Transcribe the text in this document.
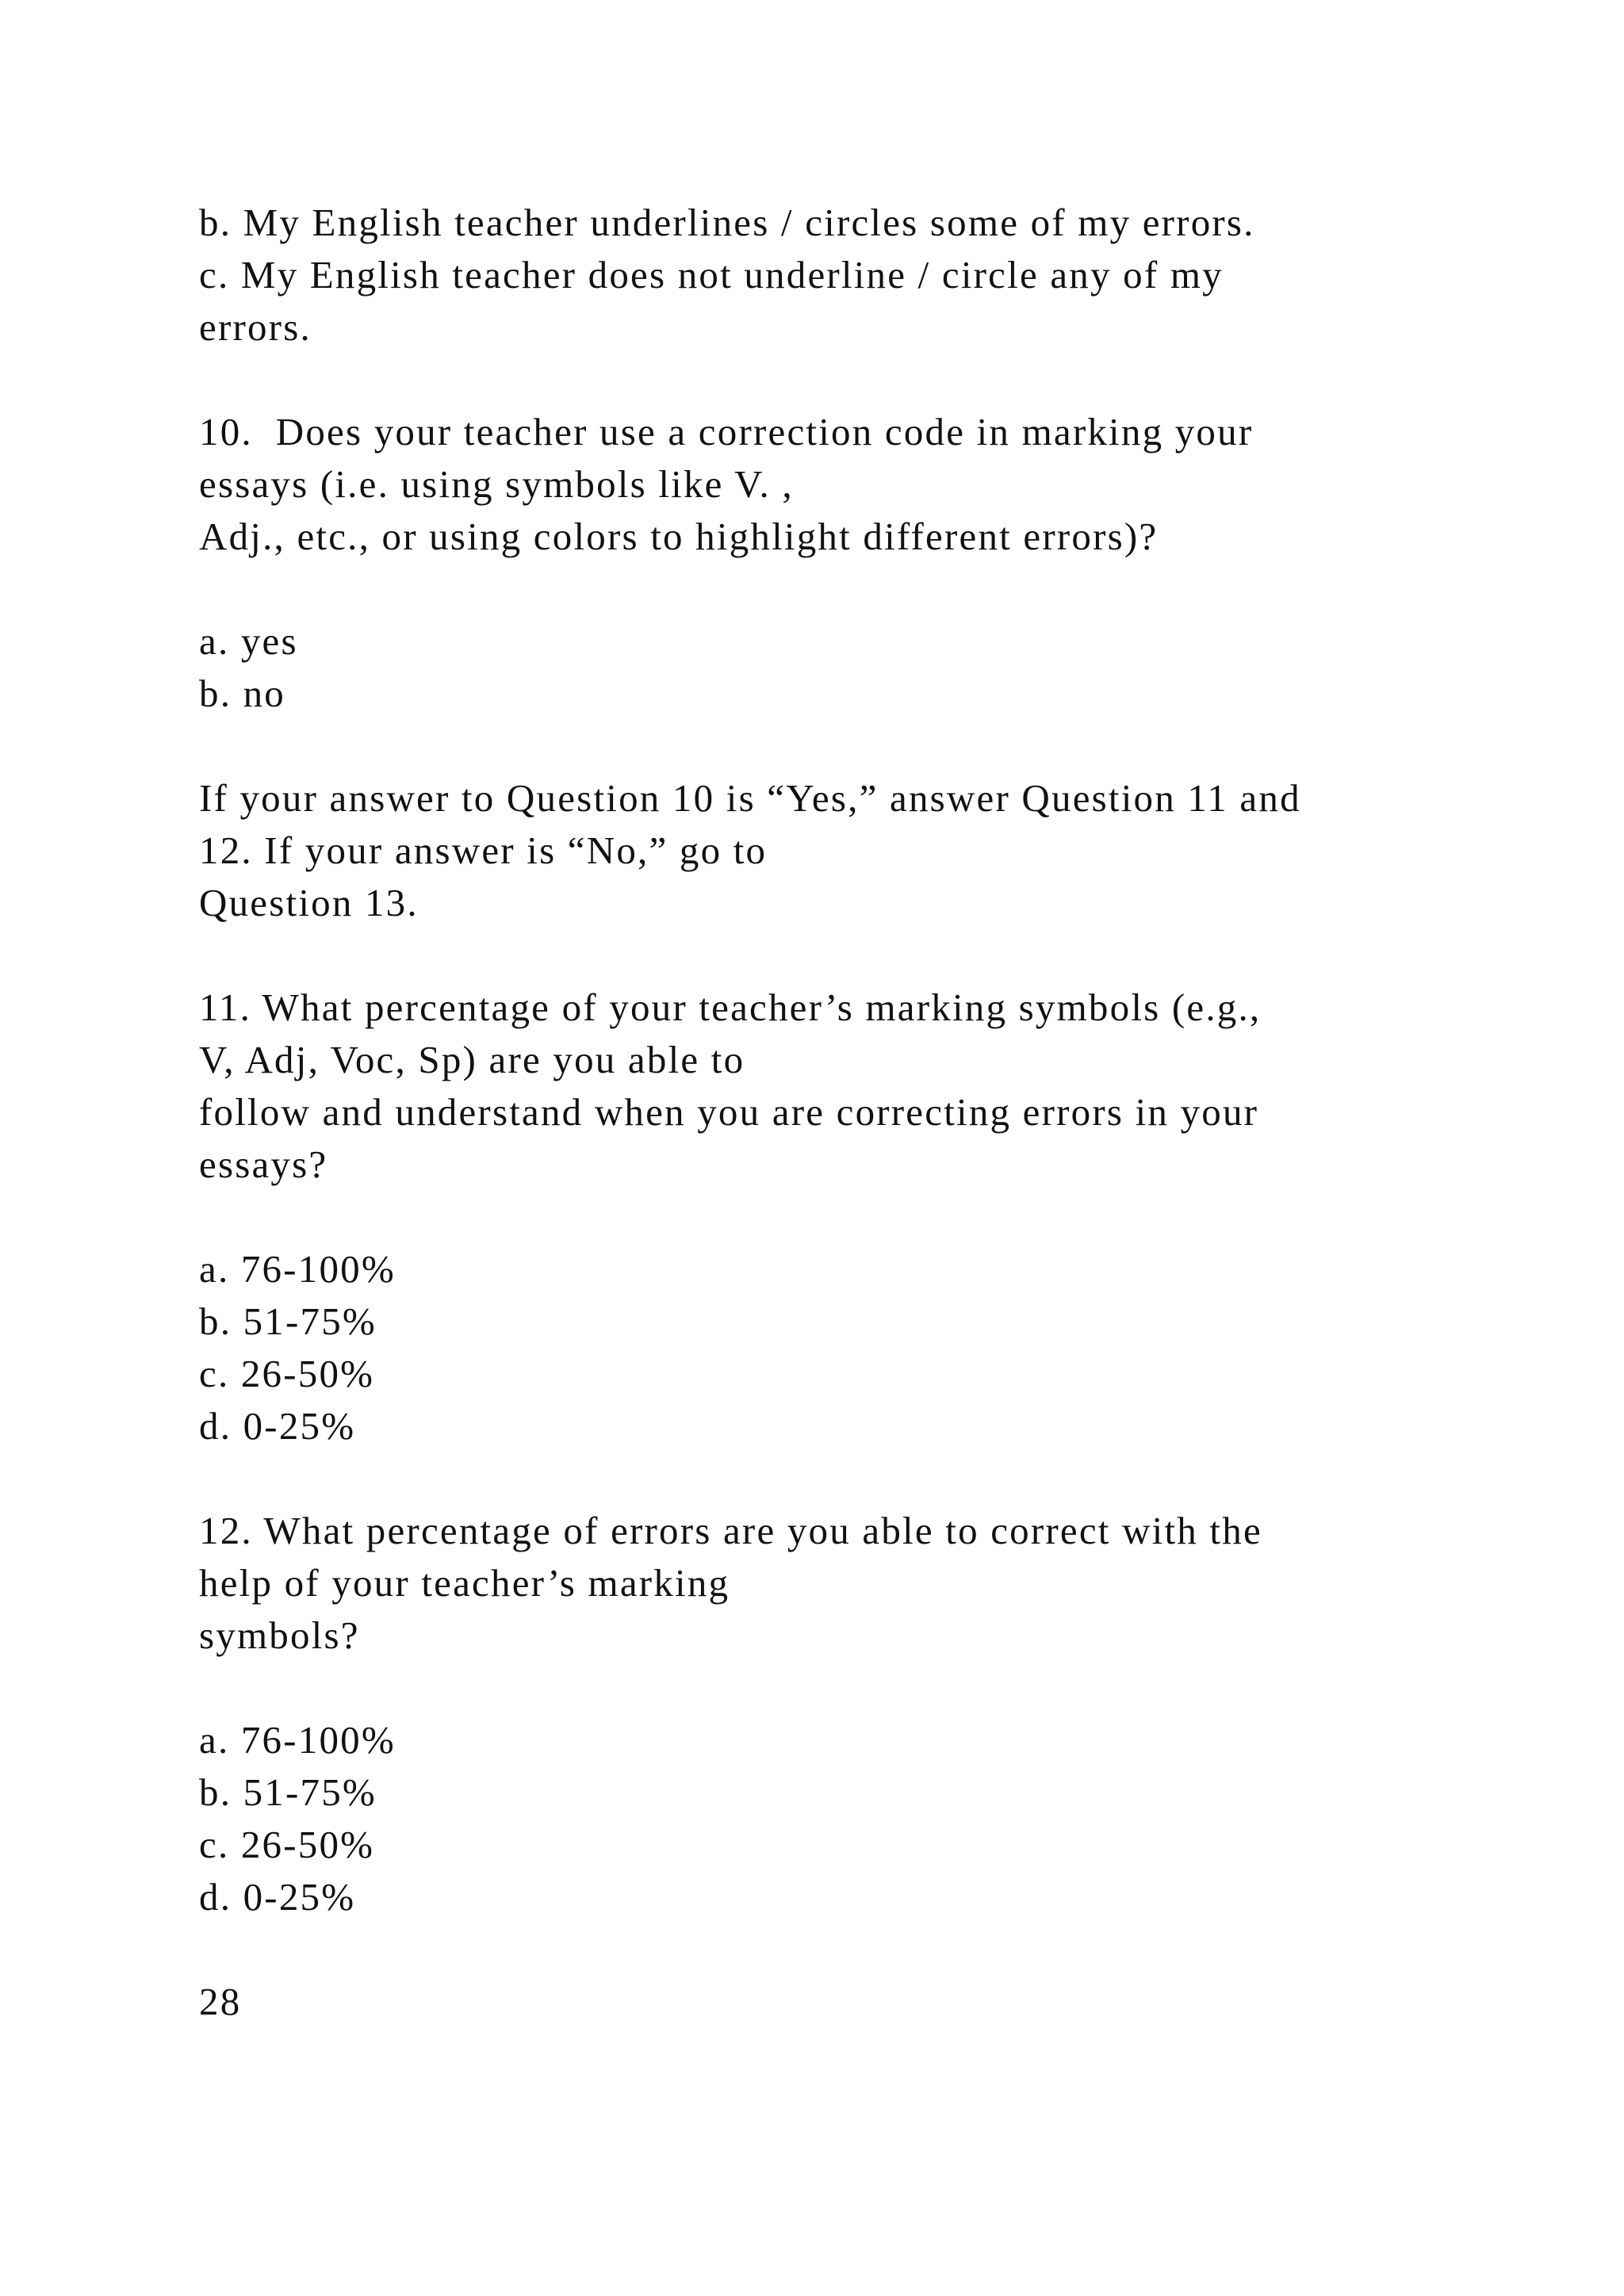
b. My English teacher underlines / circles some of my errors.
c. My English teacher does not underline / circle any of my
errors.
10.  Does your teacher use a correction code in marking your
essays (i.e. using symbols like V. ,
Adj., etc., or using colors to highlight different errors)?
a. yes
b. no
If your answer to Question 10 is “Yes,” answer Question 11 and
12. If your answer is “No,” go to
Question 13.
11. What percentage of your teacher’s marking symbols (e.g.,
V, Adj, Voc, Sp) are you able to
follow and understand when you are correcting errors in your
essays?
a. 76-100%
b. 51-75%
c. 26-50%
d. 0-25%
12. What percentage of errors are you able to correct with the
help of your teacher’s marking
symbols?
a. 76-100%
b. 51-75%
c. 26-50%
d. 0-25%
28
